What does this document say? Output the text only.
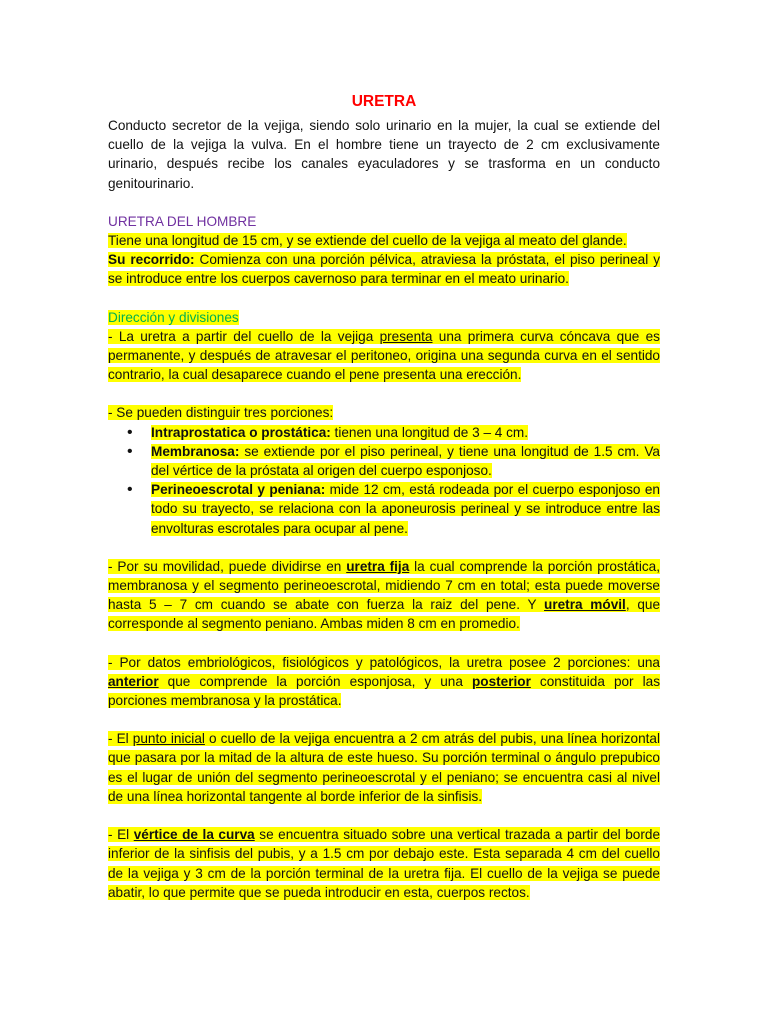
URETRA

Conducto secretor de la vejiga, siendo solo urinario en la mujer, la cual se extiende del cuello de la vejiga la vulva. En el hombre tiene un trayecto de 2 cm exclusivamente urinario, después recibe los canales eyaculadores y se trasforma en un conducto genitourinario.

URETRA DEL HOMBRE

Tiene una longitud de 15 cm, y se extiende del cuello de la vejiga al meato del glande.

Su recorrido: Comienza con una porción pélvica, atraviesa la próstata, el piso perineal y se introduce entre los cuerpos cavernoso para terminar en el meato urinario.

Dirección y divisiones

- La uretra a partir del cuello de la vejiga presenta una primera curva cóncava que es permanente, y después de atravesar el peritoneo, origina una segunda curva en el sentido contrario, la cual desaparece cuando el pene presenta una erección.

- Se pueden distinguir tres porciones:

• Intraprostatica o prostática: tienen una longitud de 3 – 4 cm.
• Membranosa: se extiende por el piso perineal, y tiene una longitud de 1.5 cm. Va del vértice de la próstata al origen del cuerpo esponjoso.
• Perineoescrotal y peniana: mide 12 cm, está rodeada por el cuerpo esponjoso en todo su trayecto, se relaciona con la aponeurosis perineal y se introduce entre las envolturas escrotales para ocupar al pene.

- Por su movilidad, puede dividirse en uretra fija la cual comprende la porción prostática, membranosa y el segmento perineoescrotal, midiendo 7 cm en total; esta puede moverse hasta 5 – 7 cm cuando se abate con fuerza la raiz del pene. Y uretra móvil, que corresponde al segmento peniano. Ambas miden 8 cm en promedio.

- Por datos embriológicos, fisiológicos y patológicos, la uretra posee 2 porciones: una anterior que comprende la porción esponjosa, y una posterior constituida por las porciones membranosa y la prostática.

- El punto inicial o cuello de la vejiga encuentra a 2 cm atrás del pubis, una línea horizontal que pasara por la mitad de la altura de este hueso. Su porción terminal o ángulo prepubico es el lugar de unión del segmento perineoescrotal y el peniano; se encuentra casi al nivel de una línea horizontal tangente al borde inferior de la sinfisis.

- El vértice de la curva se encuentra situado sobre una vertical trazada a partir del borde inferior de la sinfisis del pubis, y a 1.5 cm por debajo este. Esta separada 4 cm del cuello de la vejiga y 3 cm de la porción terminal de la uretra fija. El cuello de la vejiga se puede abatir, lo que permite que se pueda introducir en esta, cuerpos rectos.
